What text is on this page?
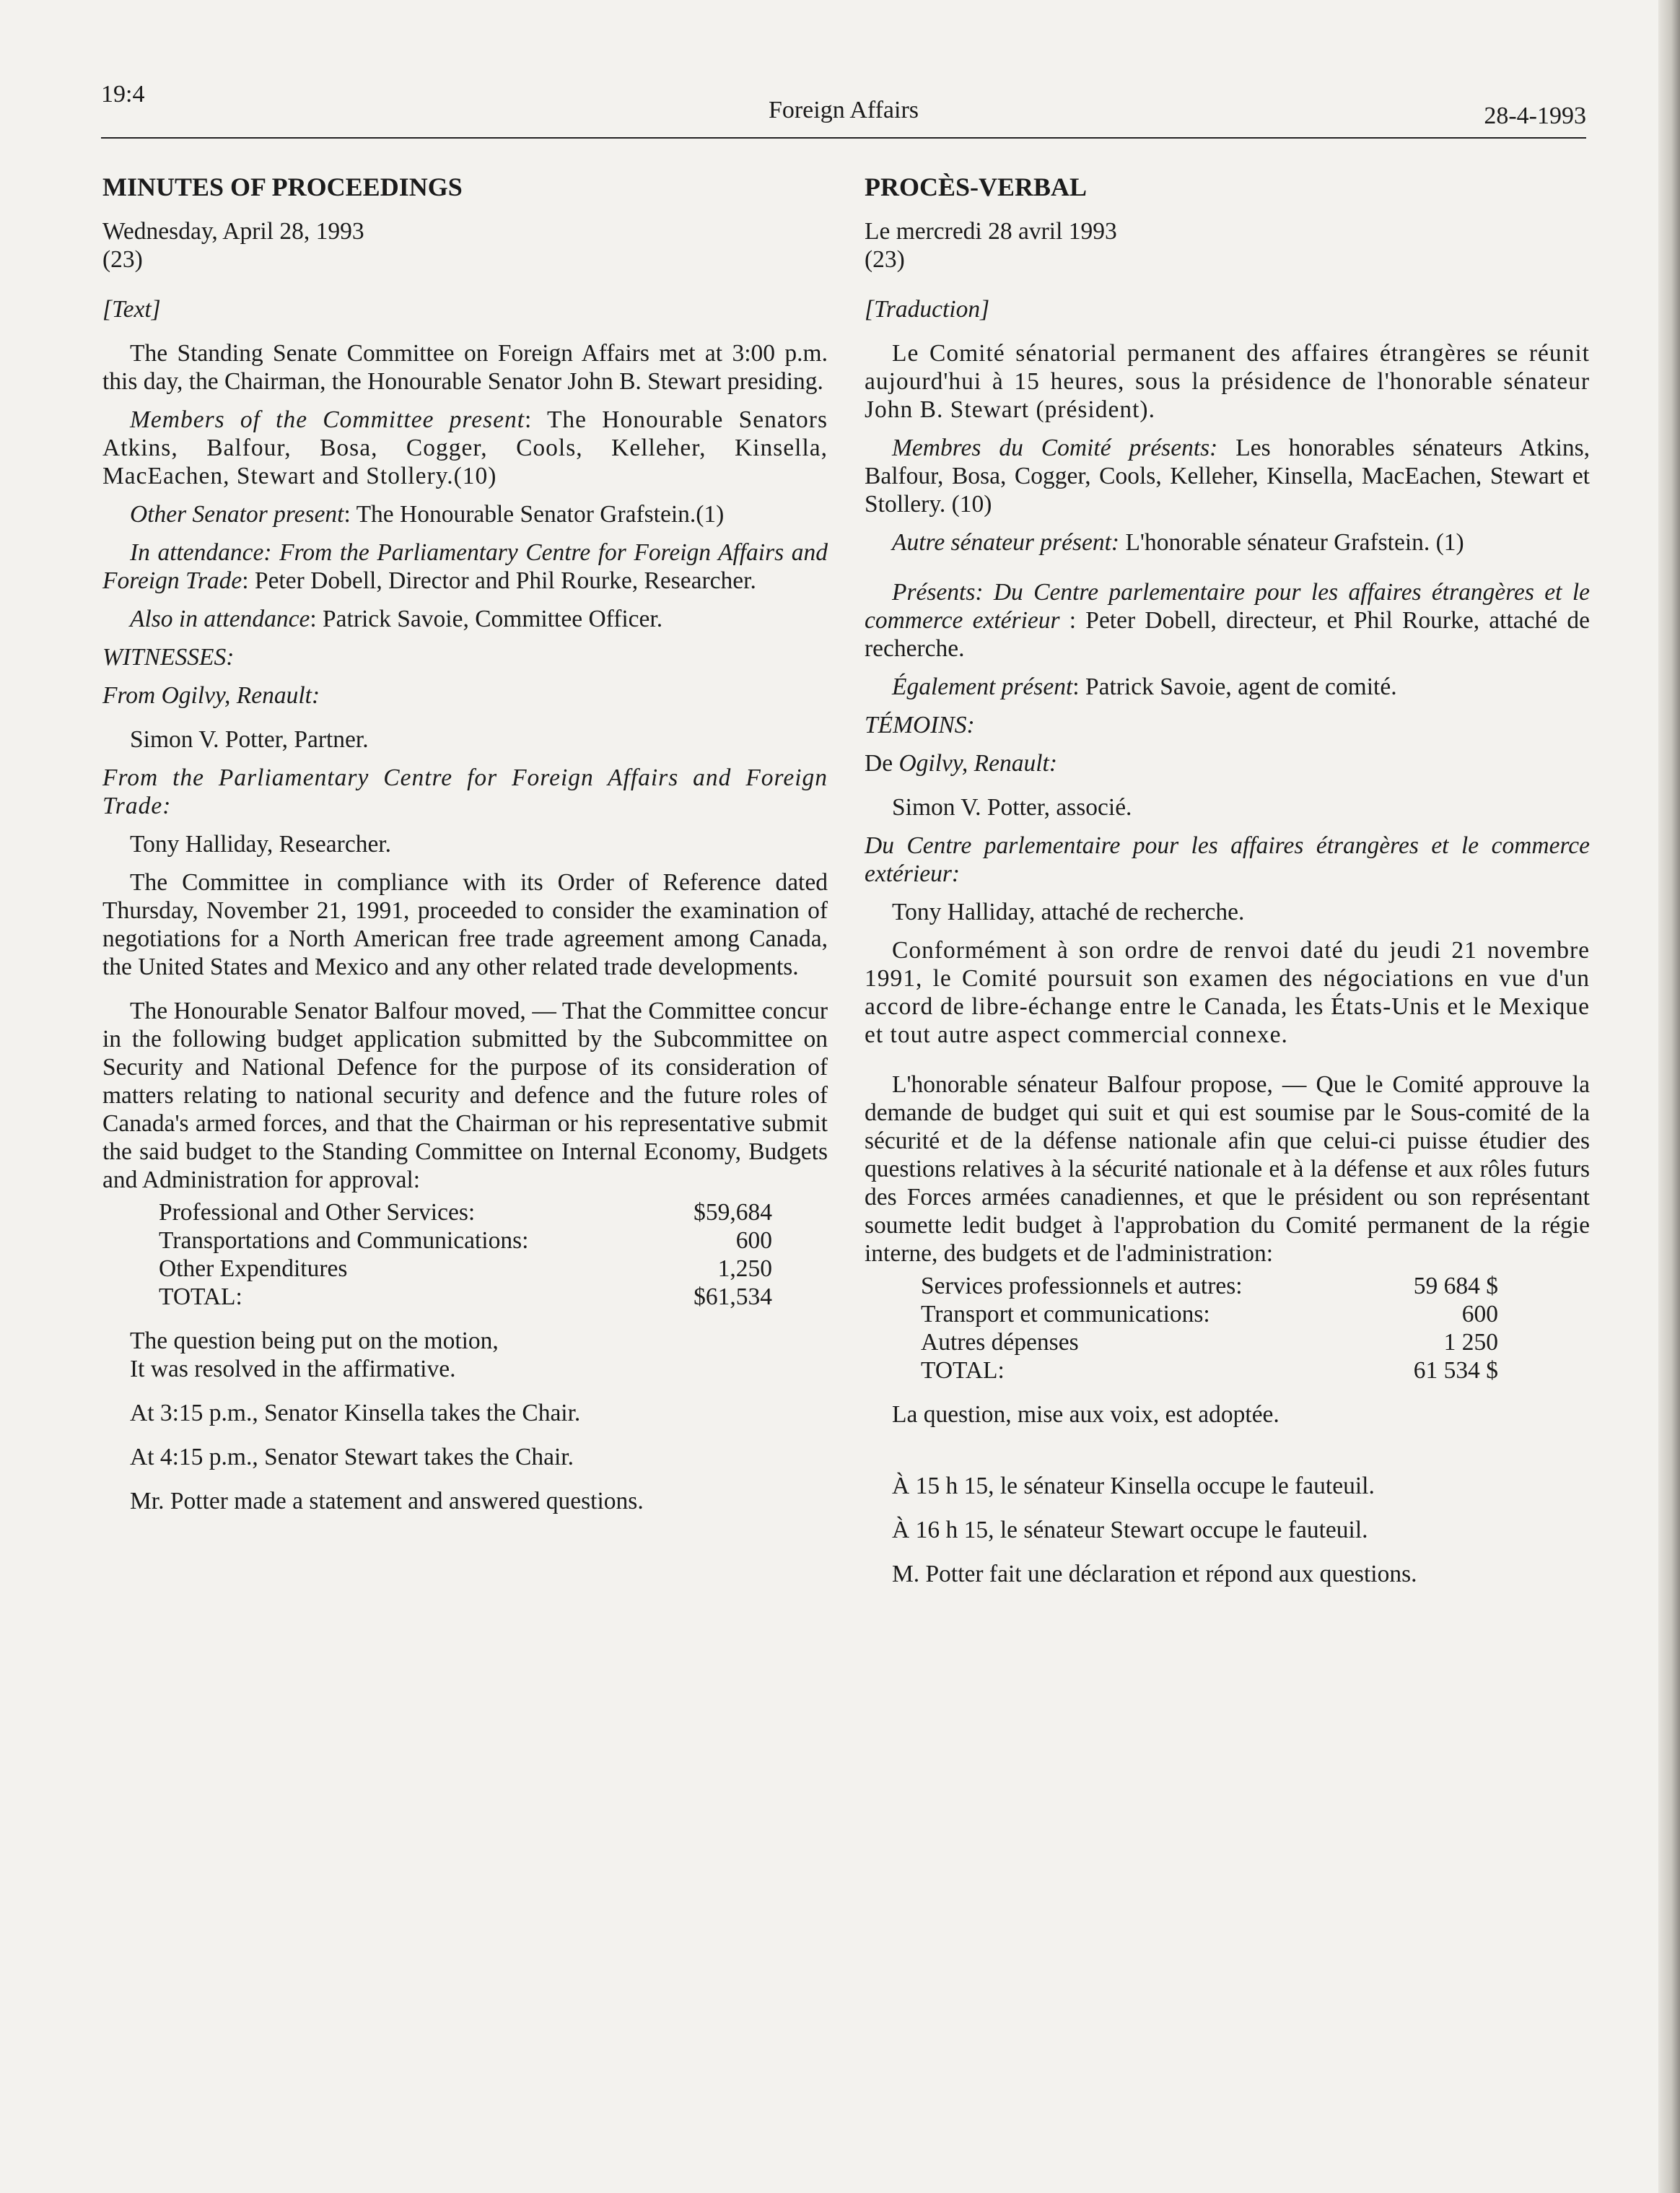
19:4
Foreign Affairs	28-4-1993

MINUTES OF PROCEEDINGS

Wednesday, April 28, 1993

(23)

[Text]

The Standing Senate Committee on Foreign Affairs met at 3:00 p.m. this day, the Chairman, the Honourable Senator John B. Stewart presiding.

Members of the Committee present: The Honourable Senators Atkins, Balfour, Bosa, Cogger, Cools, Kelleher, Kinsella, MacEachen, Stewart and Stollery.(10)

Other Senator present: The Honourable Senator Grafstein.(1)

In attendance: From the Parliamentary Centre for Foreign Affairs and Foreign Trade: Peter Dobell, Director and Phil Rourke, Researcher.

Also in attendance: Patrick Savoie, Committee Officer.

WITNESSES:

From Ogilvy, Renault:

Simon V. Potter, Partner.

From the Parliamentary Centre for Foreign Affairs and Foreign Trade:

Tony Halliday, Researcher.

The Committee in compliance with its Order of Reference dated Thursday, November 21, 1991, proceeded to consider the examination of negotiations for a North American free trade agreement among Canada, the United States and Mexico and any other related trade developments.

The Honourable Senator Balfour moved, — That the Committee concur in the following budget application submitted by the Subcommittee on Security and National Defence for the purpose of its consideration of matters relating to national security and defence and the future roles of Canada's armed forces, and that the Chairman or his representative submit the said budget to the Standing Committee on Internal Economy, Budgets and Administration for approval:

Professional and Other Services:	$59,684
Transportations and Communications:	600
Other Expenditures	1,250
TOTAL:	$61,534

The question being put on the motion,

It was resolved in the affirmative.

At 3:15 p.m., Senator Kinsella takes the Chair.

At 4:15 p.m., Senator Stewart takes the Chair.

Mr. Potter made a statement and answered questions.

PROCÈS-VERBAL

Le mercredi 28 avril 1993

(23)

[Traduction]

Le Comité sénatorial permanent des affaires étrangères se réunit aujourd'hui à 15 heures, sous la présidence de l'honorable sénateur John B. Stewart (président).

Membres du Comité présents: Les honorables sénateurs Atkins, Balfour, Bosa, Cogger, Cools, Kelleher, Kinsella, MacEachen, Stewart et Stollery. (10)

Autre sénateur présent: L'honorable sénateur Grafstein. (1)

Présents: Du Centre parlementaire pour les affaires étrangères et le commerce extérieur : Peter Dobell, directeur, et Phil Rourke, attaché de recherche.

Également présent: Patrick Savoie, agent de comité.

TÉMOINS:

De Ogilvy, Renault:

Simon V. Potter, associé.

Du Centre parlementaire pour les affaires étrangères et le commerce extérieur:

Tony Halliday, attaché de recherche.

Conformément à son ordre de renvoi daté du jeudi 21 novembre 1991, le Comité poursuit son examen des négociations en vue d'un accord de libre-échange entre le Canada, les États-Unis et le Mexique et tout autre aspect commercial connexe.

L'honorable sénateur Balfour propose, — Que le Comité approuve la demande de budget qui suit et qui est soumise par le Sous-comité de la sécurité et de la défense nationale afin que celui-ci puisse étudier des questions relatives à la sécurité nationale et à la défense et aux rôles futurs des Forces armées canadiennes, et que le président ou son représentant soumette ledit budget à l'approbation du Comité permanent de la régie interne, des budgets et de l'administration:

Services professionnels et autres:	59 684 $
Transport et communications:	600
Autres dépenses	1 250
TOTAL:	61 534 $

La question, mise aux voix, est adoptée.

À 15 h 15, le sénateur Kinsella occupe le fauteuil.

À 16 h 15, le sénateur Stewart occupe le fauteuil.

M. Potter fait une déclaration et répond aux questions.
